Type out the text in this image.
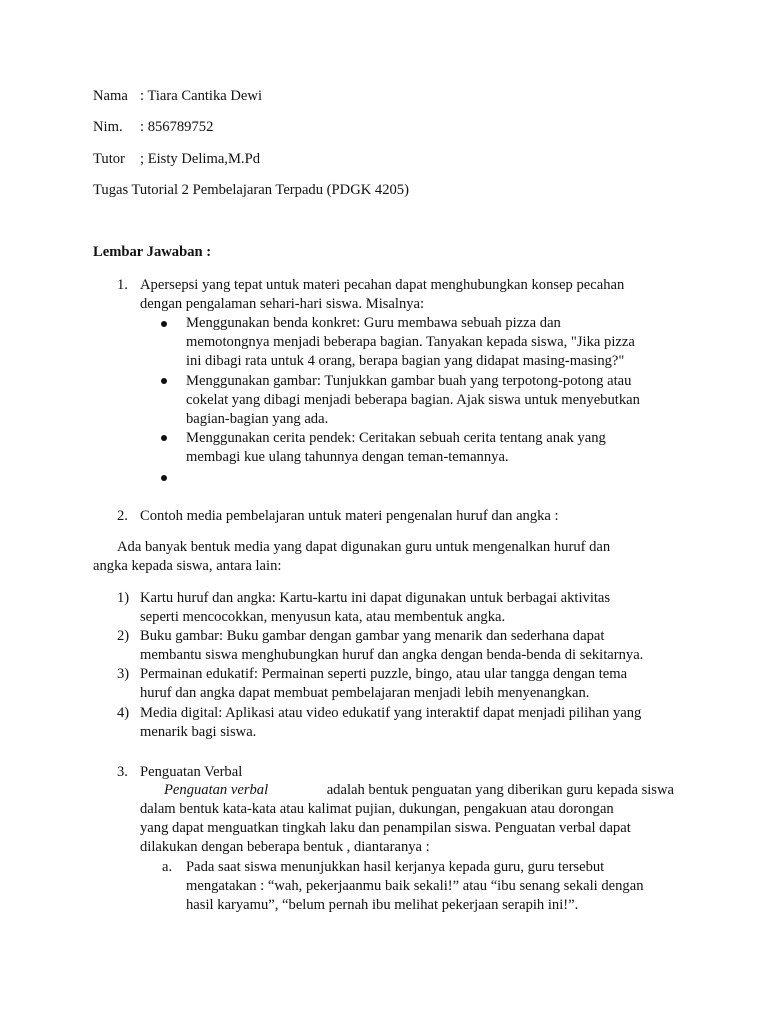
Nama : Tiara Cantika Dewi
Nim. : 856789752
Tutor ; Eisty Delima,M.Pd
Tugas Tutorial 2 Pembelajaran Terpadu (PDGK 4205)
Lembar Jawaban :
1. Apersepsi yang tepat untuk materi pecahan dapat menghubungkan konsep pecahan
dengan pengalaman sehari-hari siswa. Misalnya:
Menggunakan benda konkret: Guru membawa sebuah pizza dan
memotongnya menjadi beberapa bagian. Tanyakan kepada siswa, "Jika pizza
ini dibagi rata untuk 4 orang, berapa bagian yang didapat masing-masing?"
Menggunakan gambar: Tunjukkan gambar buah yang terpotong-potong atau
cokelat yang dibagi menjadi beberapa bagian. Ajak siswa untuk menyebutkan
bagian-bagian yang ada.
Menggunakan cerita pendek: Ceritakan sebuah cerita tentang anak yang
membagi kue ulang tahunnya dengan teman-temannya.
2. Contoh media pembelajaran untuk materi pengenalan huruf dan angka :
Ada banyak bentuk media yang dapat digunakan guru untuk mengenalkan huruf dan
angka kepada siswa, antara lain:
1) Kartu huruf dan angka: Kartu-kartu ini dapat digunakan untuk berbagai aktivitas
seperti mencocokkan, menyusun kata, atau membentuk angka.
2) Buku gambar: Buku gambar dengan gambar yang menarik dan sederhana dapat
membantu siswa menghubungkan huruf dan angka dengan benda-benda di sekitarnya.
3) Permainan edukatif: Permainan seperti puzzle, bingo, atau ular tangga dengan tema
huruf dan angka dapat membuat pembelajaran menjadi lebih menyenangkan.
4) Media digital: Aplikasi atau video edukatif yang interaktif dapat menjadi pilihan yang
menarik bagi siswa.
3. Penguatan Verbal
Penguatan verbal	adalah bentuk penguatan yang diberikan guru kepada siswa
dalam bentuk kata-kata atau kalimat pujian, dukungan, pengakuan atau dorongan
yang dapat menguatkan tingkah laku dan penampilan siswa. Penguatan verbal dapat
dilakukan dengan beberapa bentuk , diantaranya :
a. Pada saat siswa menunjukkan hasil kerjanya kepada guru, guru tersebut
mengatakan : “wah, pekerjaanmu baik sekali!” atau “ibu senang sekali dengan
hasil karyamu”, “belum pernah ibu melihat pekerjaan serapih ini!”.
